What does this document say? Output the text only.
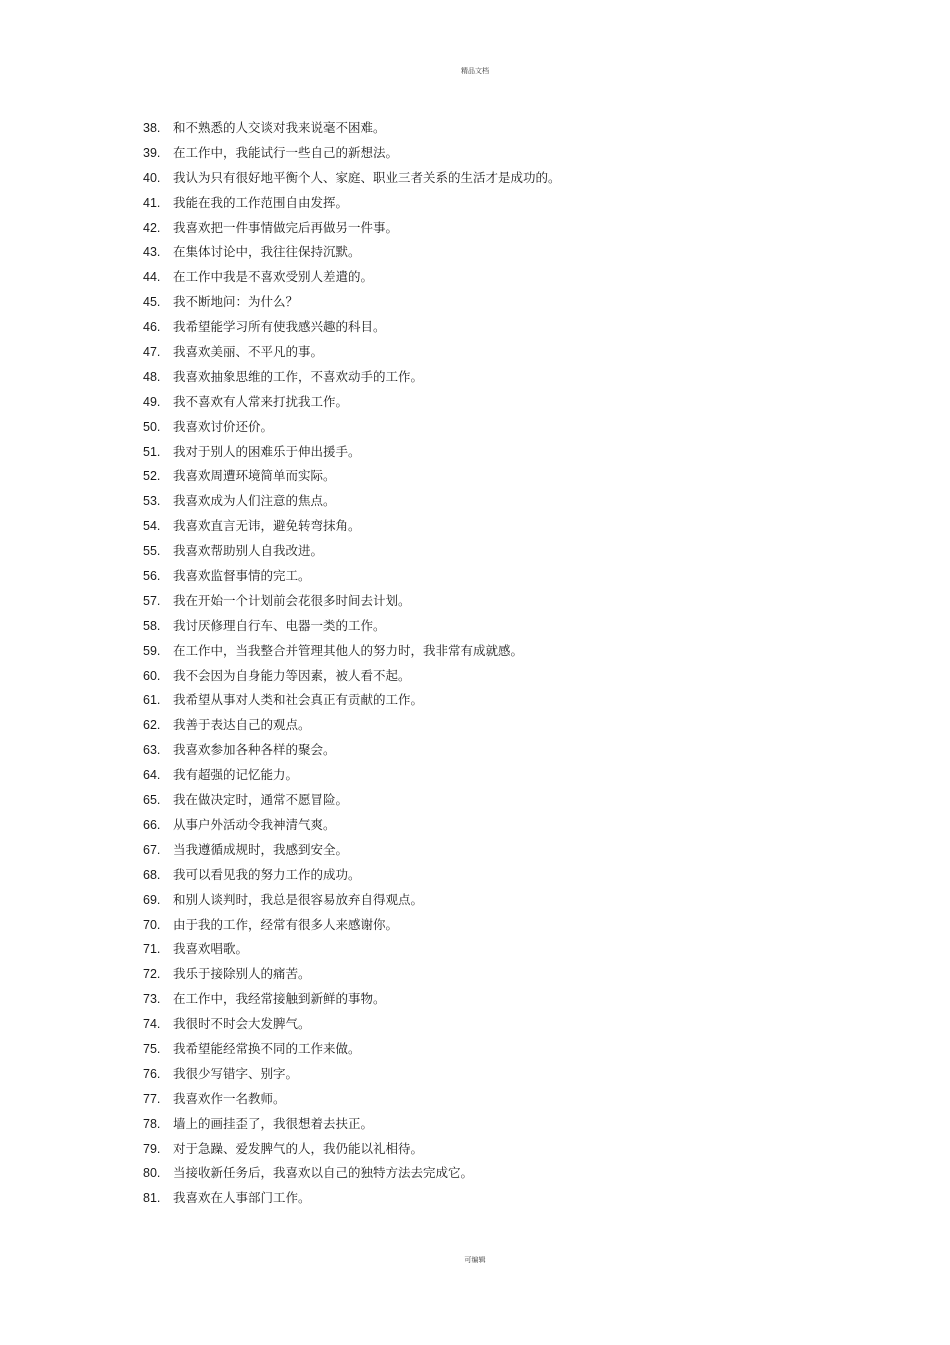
精品文档
38.	和不熟悉的人交谈对我来说毫不困难。
39.	在工作中，我能试行一些自己的新想法。
40.	我认为只有很好地平衡个人、家庭、职业三者关系的生活才是成功的。
41.	我能在我的工作范围自由发挥。
42.	我喜欢把一件事情做完后再做另一件事。
43.	在集体讨论中，我往往保持沉默。
44.	在工作中我是不喜欢受别人差遣的。
45.	我不断地问：为什么？
46.	我希望能学习所有使我感兴趣的科目。
47.	我喜欢美丽、不平凡的事。
48.	我喜欢抽象思维的工作，不喜欢动手的工作。
49.	我不喜欢有人常来打扰我工作。
50.	我喜欢讨价还价。
51.	我对于别人的困难乐于伸出援手。
52.	我喜欢周遭环境简单而实际。
53.	我喜欢成为人们注意的焦点。
54.	我喜欢直言无讳，避免转弯抹角。
55.	我喜欢帮助别人自我改进。
56.	我喜欢监督事情的完工。
57.	我在开始一个计划前会花很多时间去计划。
58.	我讨厌修理自行车、电器一类的工作。
59.	在工作中，当我整合并管理其他人的努力时，我非常有成就感。
60.	我不会因为自身能力等因素，被人看不起。
61.	我希望从事对人类和社会真正有贡献的工作。
62.	我善于表达自己的观点。
63.	我喜欢参加各种各样的聚会。
64.	我有超强的记忆能力。
65.	我在做决定时，通常不愿冒险。
66.	从事户外活动令我神清气爽。
67.	当我遵循成规时，我感到安全。
68.	我可以看见我的努力工作的成功。
69.	和别人谈判时，我总是很容易放弃自得观点。
70.	由于我的工作，经常有很多人来感谢你。
71.	我喜欢唱歌。
72.	我乐于接除别人的痛苦。
73.	在工作中，我经常接触到新鲜的事物。
74.	我很时不时会大发脾气。
75.	我希望能经常换不同的工作来做。
76.	我很少写错字、别字。
77.	我喜欢作一名教师。
78.	墙上的画挂歪了，我很想着去扶正。
79.	对于急躁、爱发脾气的人，我仍能以礼相待。
80.	当接收新任务后，我喜欢以自己的独特方法去完成它。
81.	我喜欢在人事部门工作。
可编辑
